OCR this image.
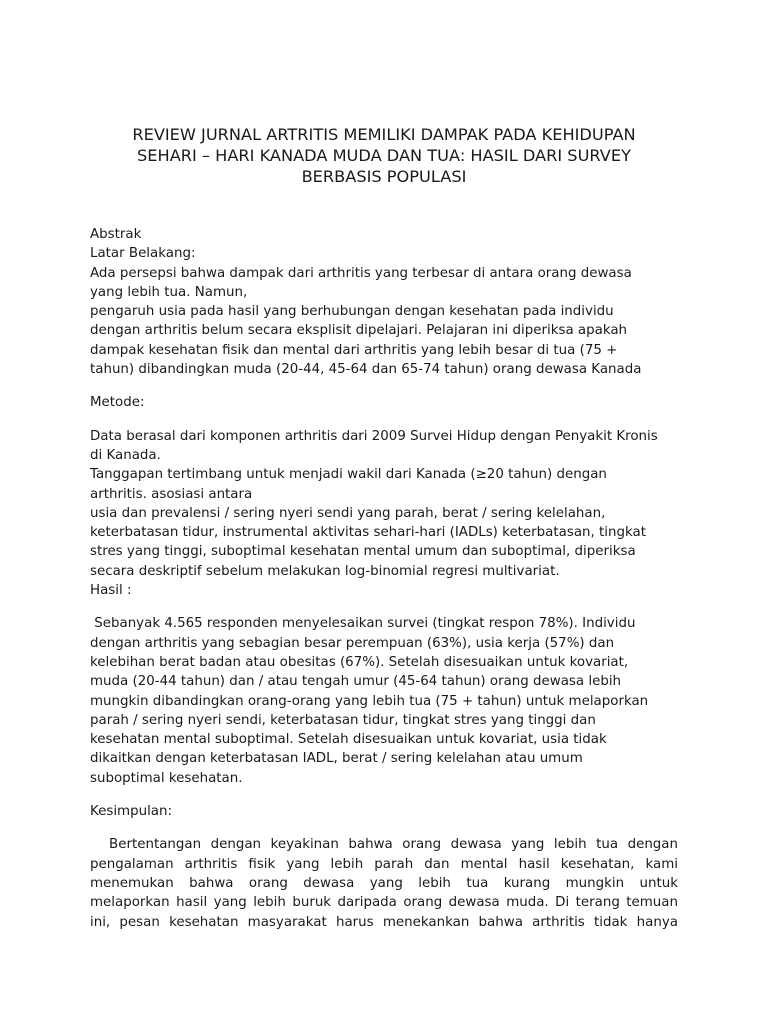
REVIEW JURNAL ARTRITIS MEMILIKI DAMPAK PADA KEHIDUPAN
SEHARI – HARI KANADA MUDA DAN TUA: HASIL DARI SURVEY
BERBASIS POPULASI
Abstrak
Latar Belakang:
Ada persepsi bahwa dampak dari arthritis yang terbesar di antara orang dewasa
yang lebih tua. Namun,
pengaruh usia pada hasil yang berhubungan dengan kesehatan pada individu
dengan arthritis belum secara eksplisit dipelajari. Pelajaran ini diperiksa apakah
dampak kesehatan fisik dan mental dari arthritis yang lebih besar di tua (75 +
tahun) dibandingkan muda (20-44, 45-64 dan 65-74 tahun) orang dewasa Kanada
Metode:
Data berasal dari komponen arthritis dari 2009 Survei Hidup dengan Penyakit Kronis
di Kanada.
Tanggapan tertimbang untuk menjadi wakil dari Kanada (≥20 tahun) dengan
arthritis. asosiasi antara
usia dan prevalensi / sering nyeri sendi yang parah, berat / sering kelelahan,
keterbatasan tidur, instrumental aktivitas sehari-hari (IADLs) keterbatasan, tingkat
stres yang tinggi, suboptimal kesehatan mental umum dan suboptimal, diperiksa
secara deskriptif sebelum melakukan log-binomial regresi multivariat.
Hasil :
Sebanyak 4.565 responden menyelesaikan survei (tingkat respon 78%). Individu
dengan arthritis yang sebagian besar perempuan (63%), usia kerja (57%) dan
kelebihan berat badan atau obesitas (67%). Setelah disesuaikan untuk kovariat,
muda (20-44 tahun) dan / atau tengah umur (45-64 tahun) orang dewasa lebih
mungkin dibandingkan orang-orang yang lebih tua (75 + tahun) untuk melaporkan
parah / sering nyeri sendi, keterbatasan tidur, tingkat stres yang tinggi dan
kesehatan mental suboptimal. Setelah disesuaikan untuk kovariat, usia tidak
dikaitkan dengan keterbatasan IADL, berat / sering kelelahan atau umum
suboptimal kesehatan.
Kesimpulan:
Bertentangan dengan keyakinan bahwa orang dewasa yang lebih tua dengan
pengalaman arthritis fisik yang lebih parah dan mental hasil kesehatan, kami
menemukan bahwa orang dewasa yang lebih tua kurang mungkin untuk
melaporkan hasil yang lebih buruk daripada orang dewasa muda. Di terang temuan
ini, pesan kesehatan masyarakat harus menekankan bahwa arthritis tidak hanya
